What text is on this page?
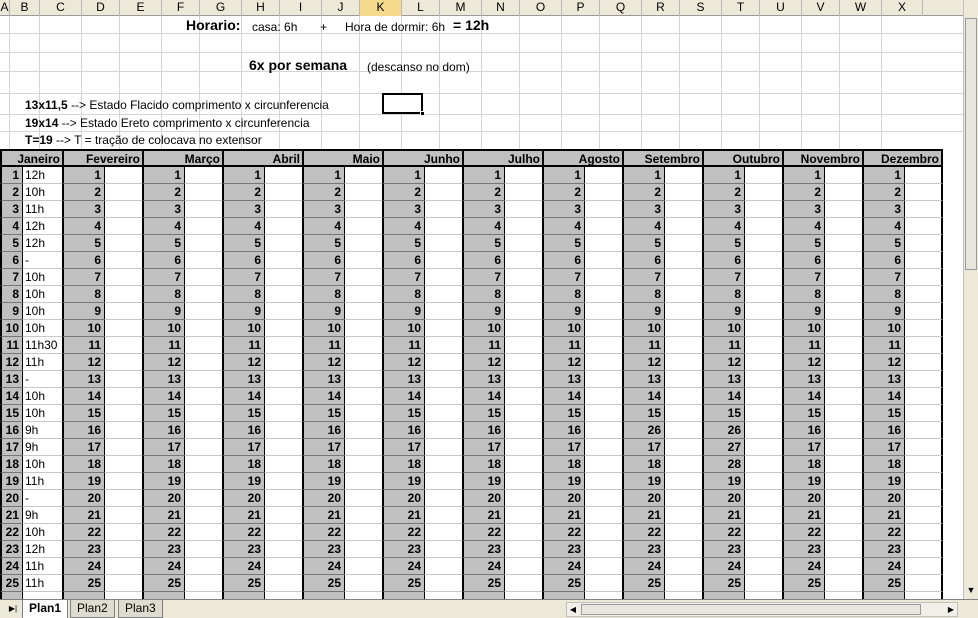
A B	C	D	E	F	G	H	I	J	K	L	M	N	O	P	Q	R	S	T	U	V	W	X
Horario: casa: 6h + Hora de dormir: 6h = 12h
6x por semana (descanso no dom)
13x11,5 --> Estado Flacido comprimento x circunferencia
19x14 --> Estado Ereto comprimento x circunferencia
T=19 --> T = tração de colocava no extensor
Janeiro	Fevereiro	Março	Abril	Maio	Junho	Julho	Agosto	Setembro	Outubro	Novembro	Dezembro
1 12h	1	1	1	1	1	1	1	1	1	1	1
2 10h	2	2	2	2	2	2	2	2	2	2	2
3 11h	3	3	3	3	3	3	3	3	3	3	3
4 12h	4	4	4	4	4	4	4	4	4	4	4
5 12h	5	5	5	5	5	5	5	5	5	5	5
6 -	6	6	6	6	6	6	6	6	6	6	6
7 10h	7	7	7	7	7	7	7	7	7	7	7
8 10h	8	8	8	8	8	8	8	8	8	8	8
9 10h	9	9	9	9	9	9	9	9	9	9	9
10 10h	10	10	10	10	10	10	10	10	10	10	10
11 11h30	11	11	11	11	11	11	11	11	11	11	11
12 11h	12	12	12	12	12	12	12	12	12	12	12
13 -	13	13	13	13	13	13	13	13	13	13	13
14 10h	14	14	14	14	14	14	14	14	14	14	14
15 10h	15	15	15	15	15	15	15	15	15	15	15
16 9h	16	16	16	16	16	16	16	26	26	16	16
17 9h	17	17	17	17	17	17	17	17	27	17	17
18 10h	18	18	18	18	18	18	18	18	28	18	18
19 11h	19	19	19	19	19	19	19	19	19	19	19
20 -	20	20	20	20	20	20	20	20	20	20	20
21 9h	21	21	21	21	21	21	21	21	21	21	21
22 10h	22	22	22	22	22	22	22	22	22	22	22
23 12h	23	23	23	23	23	23	23	23	23	23	23
24 11h	24	24	24	24	24	24	24	24	24	24	24
25 11h	25	25	25	25	25	25	25	25	25	25	25	▼
▶| Plan1	Plan2	Plan3	◀	▶
